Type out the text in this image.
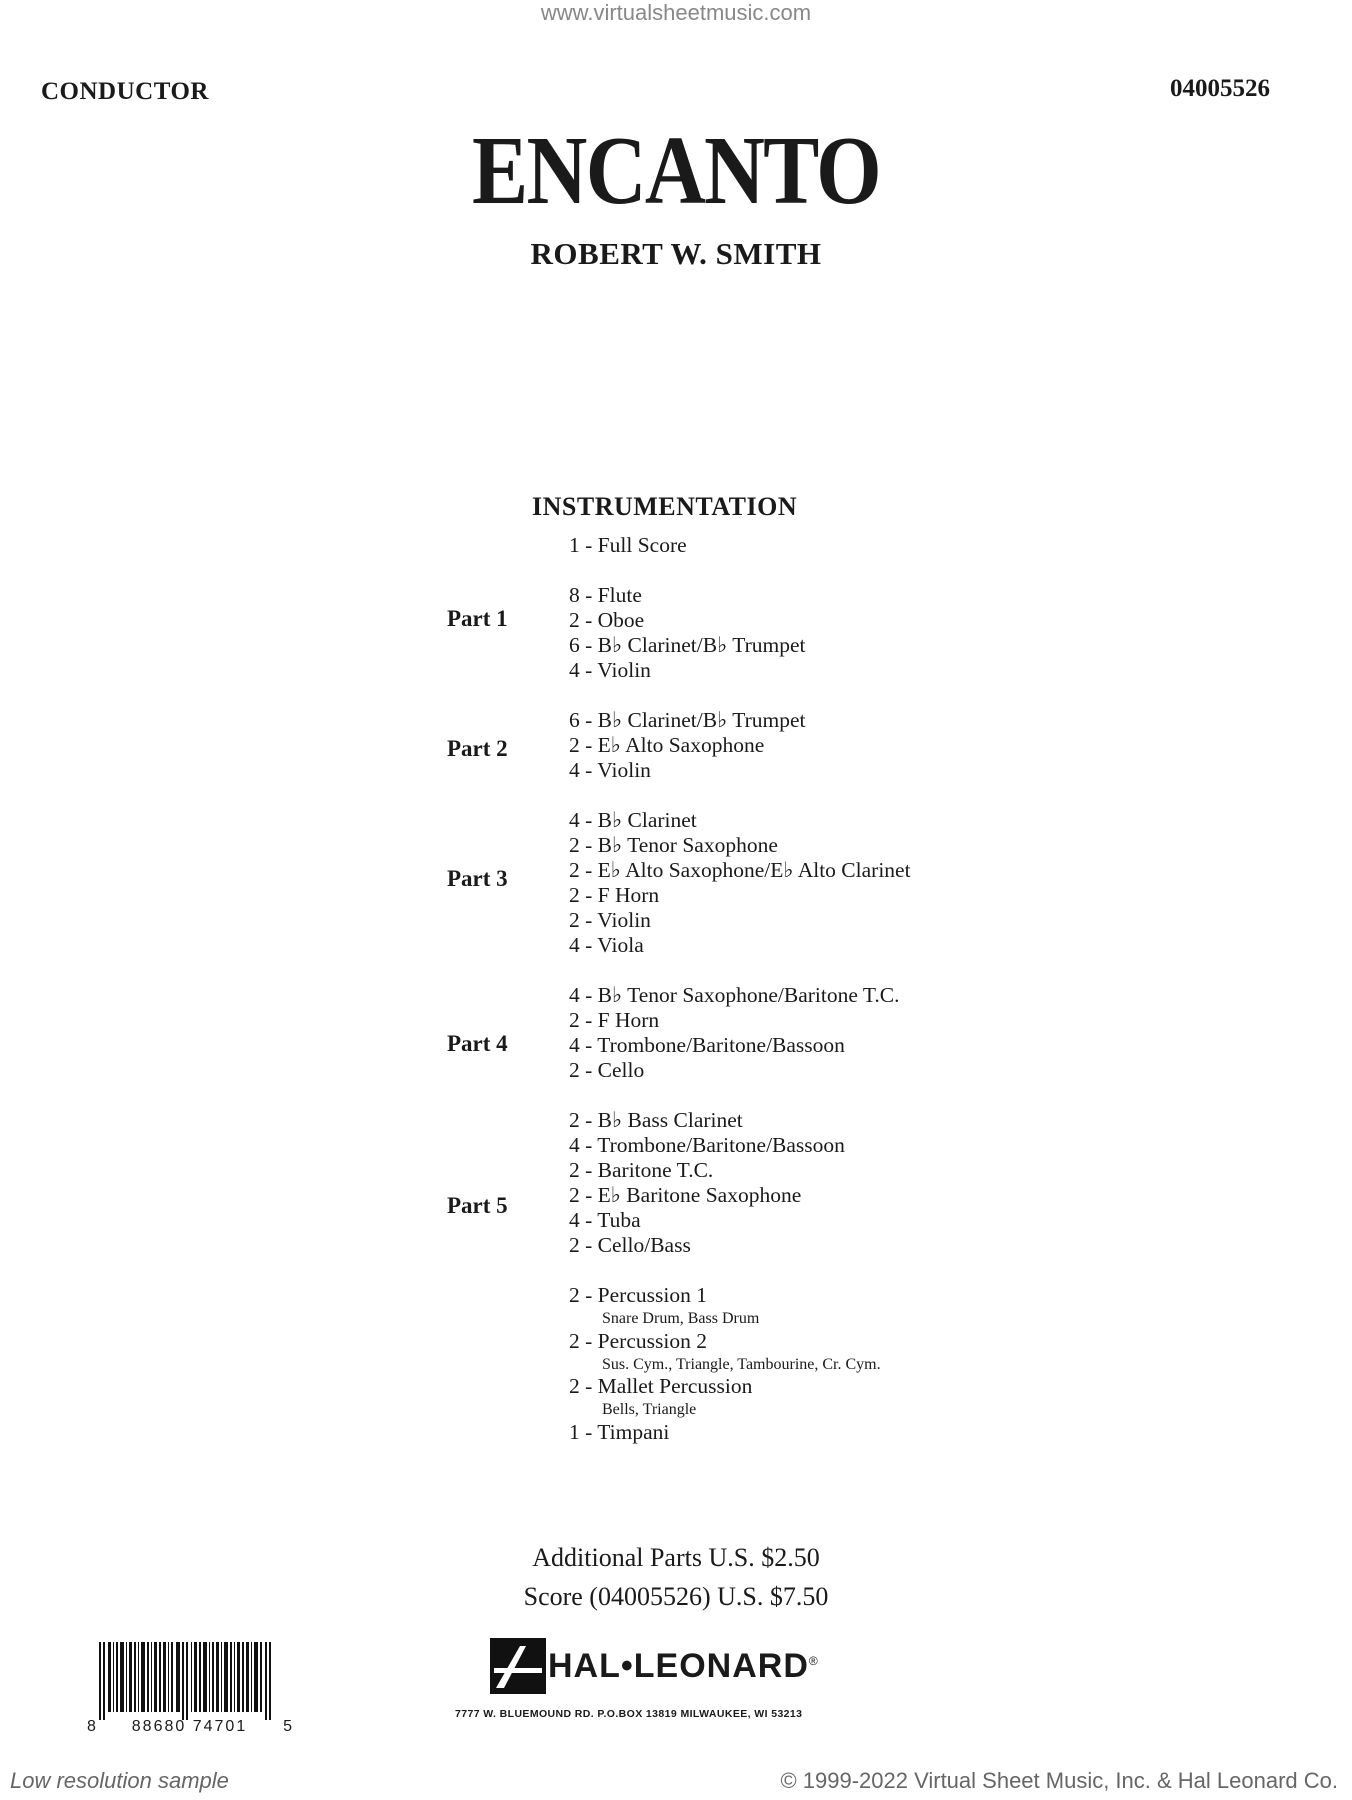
www.virtualsheetmusic.com
CONDUCTOR	04005526
ENCANTO
ROBERT W. SMITH
INSTRUMENTATION
1 - Full Score
Part 1
8 - Flute
2 - Oboe
6 - B♭ Clarinet/B♭ Trumpet
4 - Violin
Part 2
6 - B♭ Clarinet/B♭ Trumpet
2 - E♭ Alto Saxophone
4 - Violin
Part 3
4 - B♭ Clarinet
2 - B♭ Tenor Saxophone
2 - E♭ Alto Saxophone/E♭ Alto Clarinet
2 - F Horn
2 - Violin
4 - Viola
Part 4
4 - B♭ Tenor Saxophone/Baritone T.C.
2 - F Horn
4 - Trombone/Baritone/Bassoon
2 - Cello
Part 5
2 - B♭ Bass Clarinet
4 - Trombone/Baritone/Bassoon
2 - Baritone T.C.
2 - E♭ Baritone Saxophone
4 - Tuba
2 - Cello/Bass
2 - Percussion 1
Snare Drum, Bass Drum
2 - Percussion 2
Sus. Cym., Triangle, Tambourine, Cr. Cym.
2 - Mallet Percussion
Bells, Triangle
1 - Timpani
Additional Parts U.S. $2.50
Score (04005526) U.S. $7.50
8 88680 74701 5
HAL•LEONARD ®
7777 W. BLUEMOUND RD. P.O.BOX 13819 MILWAUKEE, WI 53213
Low resolution sample	© 1999-2022 Virtual Sheet Music, Inc. & Hal Leonard Co.
